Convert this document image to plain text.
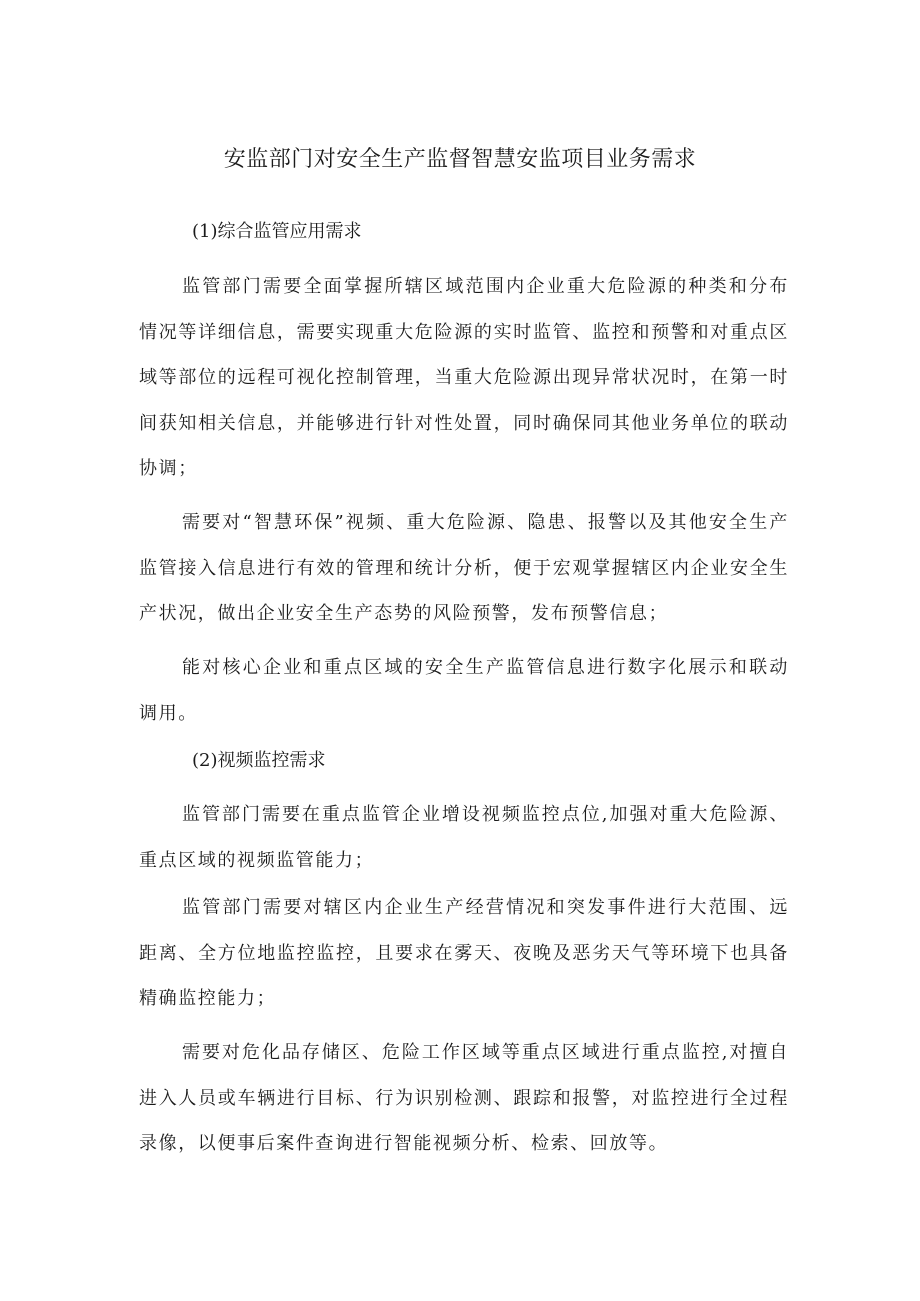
安监部门对安全生产监督智慧安监项目业务需求
(1)综合监管应用需求

监管部门需要全面掌握所辖区域范围内企业重大危险源的种类和分布情况等详细信息，需要实现重大危险源的实时监管、监控和预警和对重点区域等部位的远程可视化控制管理，当重大危险源出现异常状况时，在第一时间获知相关信息，并能够进行针对性处置，同时确保同其他业务单位的联动协调；

需要对“智慧环保”视频、重大危险源、隐患、报警以及其他安全生产监管接入信息进行有效的管理和统计分析，便于宏观掌握辖区内企业安全生产状况，做出企业安全生产态势的风险预警，发布预警信息；

能对核心企业和重点区域的安全生产监管信息进行数字化展示和联动调用。

(2)视频监控需求

监管部门需要在重点监管企业增设视频监控点位,加强对重大危险源、重点区域的视频监管能力；

监管部门需要对辖区内企业生产经营情况和突发事件进行大范围、远距离、全方位地监控监控，且要求在雾天、夜晚及恶劣天气等环境下也具备精确监控能力；

需要对危化品存储区、危险工作区域等重点区域进行重点监控,对擅自进入人员或车辆进行目标、行为识别检测、跟踪和报警，对监控进行全过程录像，以便事后案件查询进行智能视频分析、检索、回放等。
